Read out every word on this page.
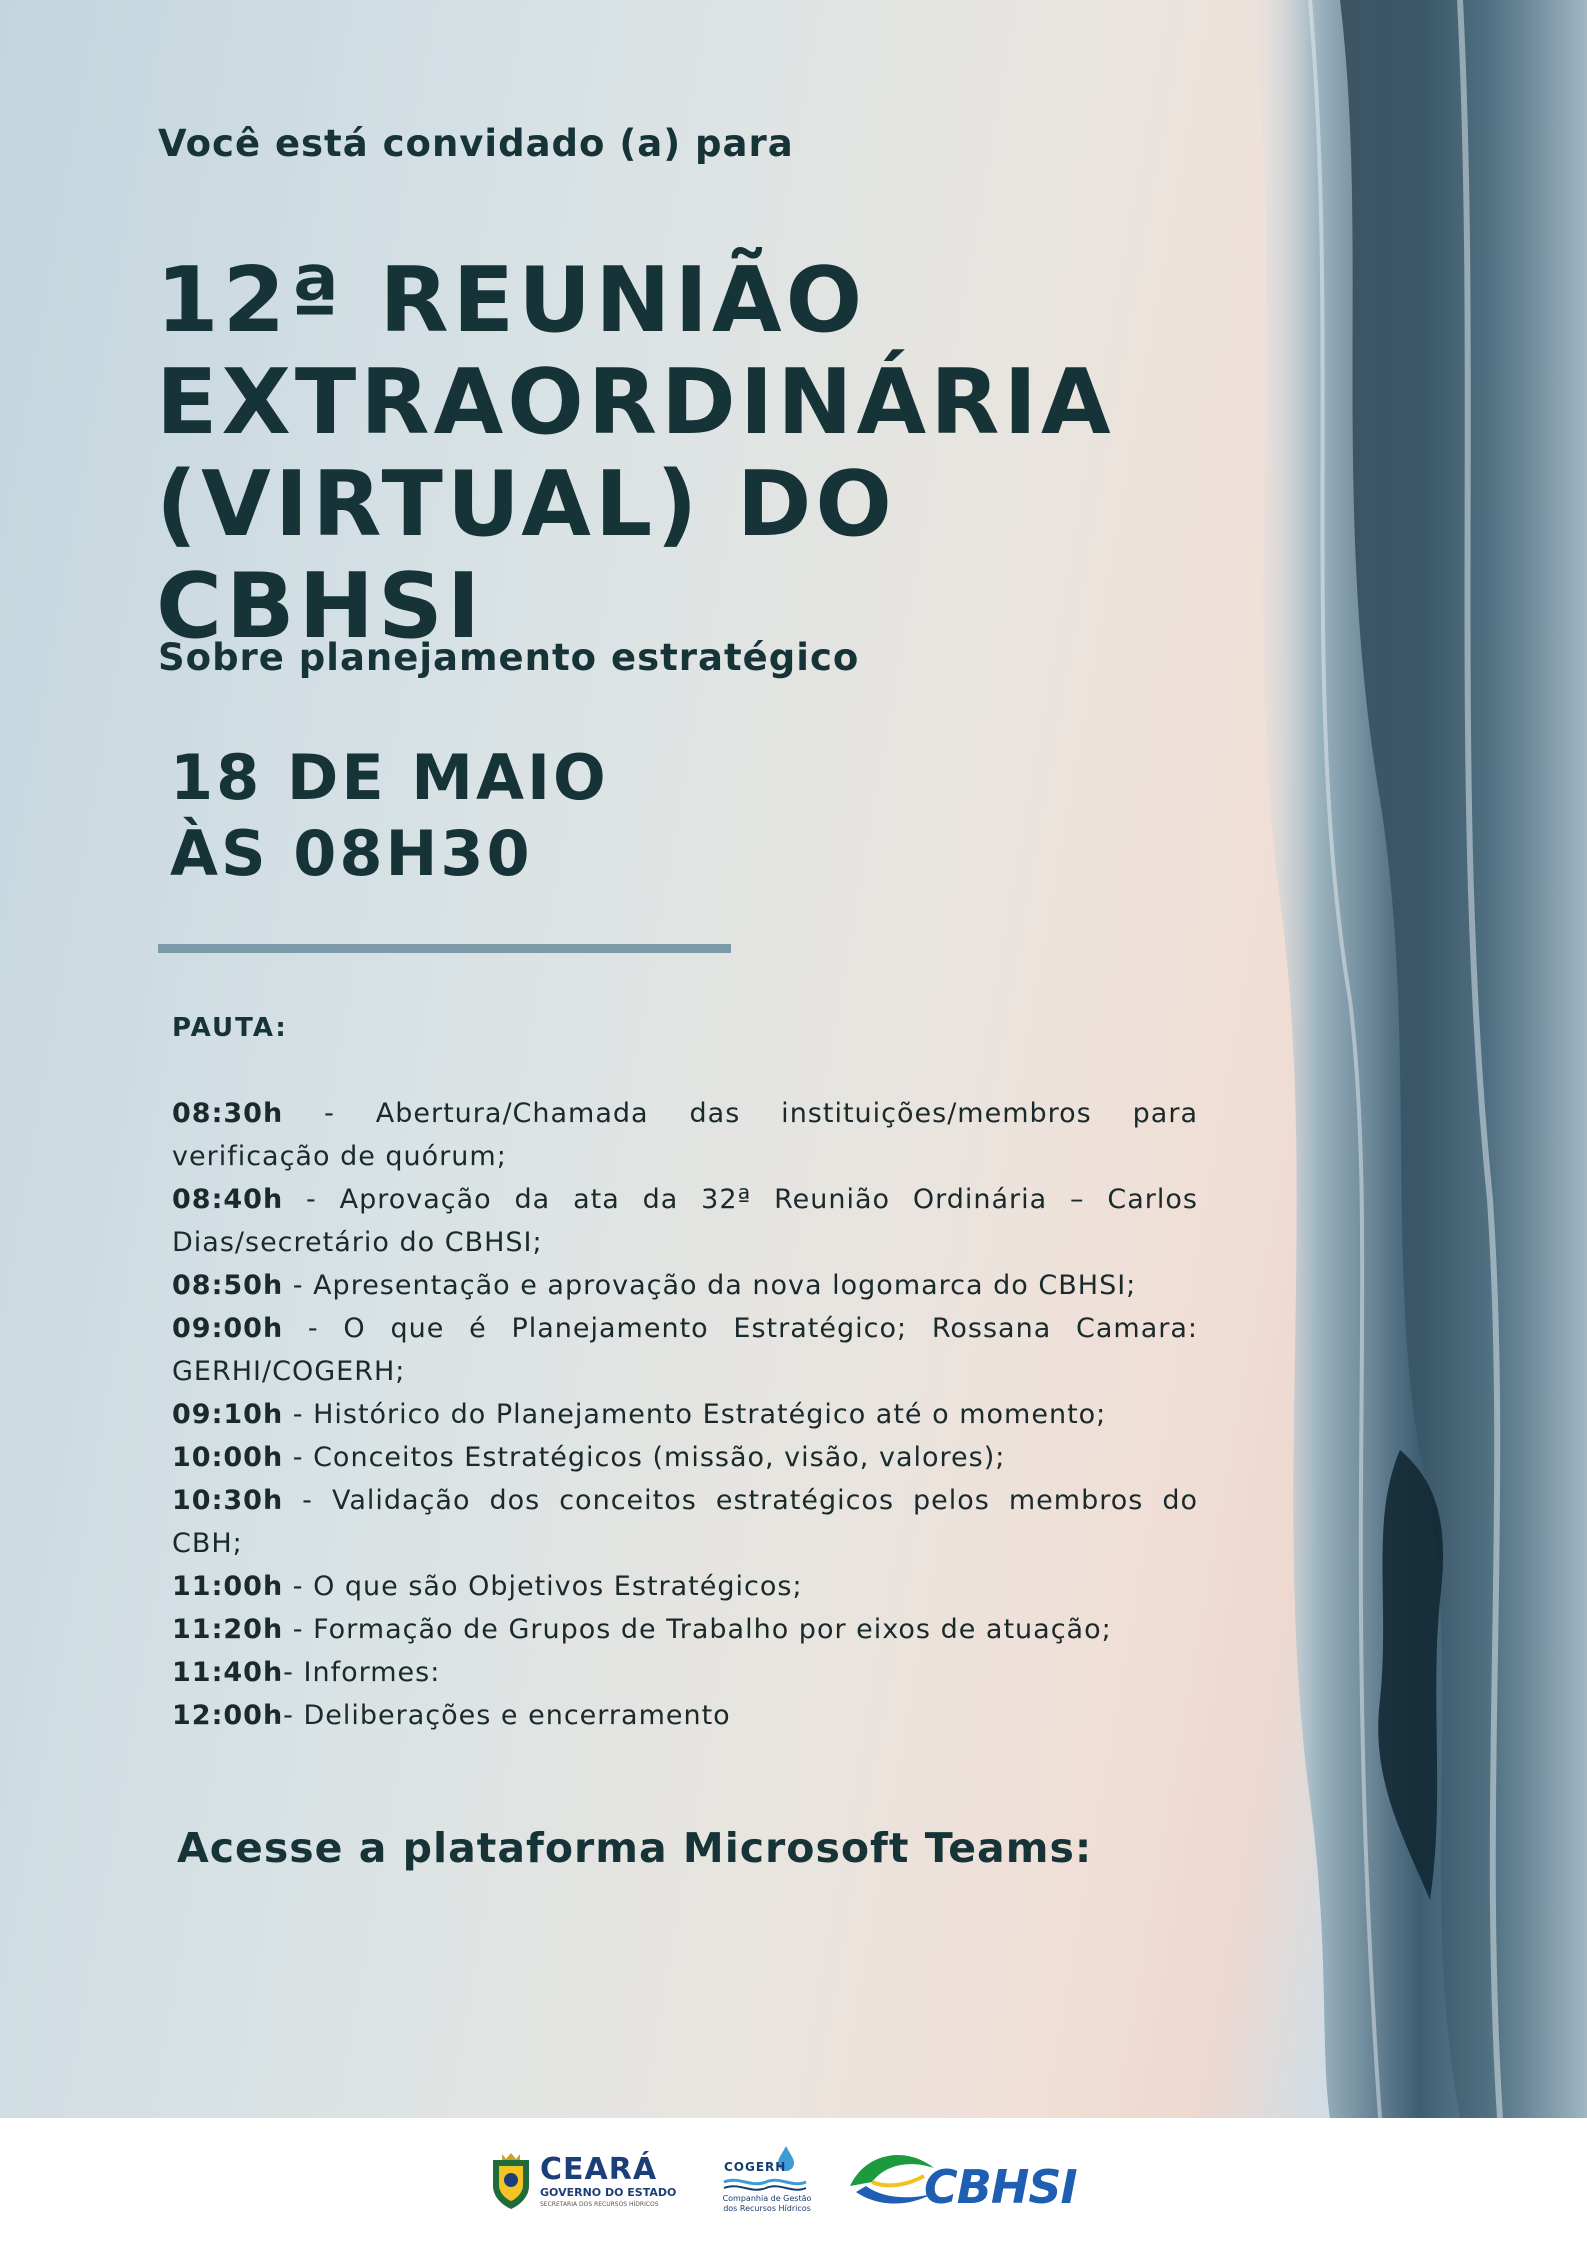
Você está convidado (a) para
12ª REUNIÃO
EXTRAORDINÁRIA
(VIRTUAL) DO CBHSI
Sobre planejamento estratégico
18 DE MAIO
ÀS 08H30
PAUTA:
08:30h - Abertura/Chamada das instituições/membros para verificação de quórum;
08:40h - Aprovação da ata da 32ª Reunião Ordinária – Carlos Dias/secretário do CBHSI;
08:50h - Apresentação e aprovação da nova logomarca do CBHSI;
09:00h - O que é Planejamento Estratégico; Rossana Camara: GERHI/COGERH;
09:10h - Histórico do Planejamento Estratégico até o momento;
10:00h - Conceitos Estratégicos (missão, visão, valores);
10:30h - Validação dos conceitos estratégicos pelos membros do CBH;
11:00h - O que são Objetivos Estratégicos;
11:20h - Formação de Grupos de Trabalho por eixos de atuação;
11:40h- Informes:
12:00h- Deliberações e encerramento
Acesse a plataforma Microsoft Teams:
CEARÁ
GOVERNO DO ESTADO
SECRETARIA DOS RECURSOS HÍDRICOS
COGERH
Companhia de Gestão dos Recursos Hídricos CBHSI
